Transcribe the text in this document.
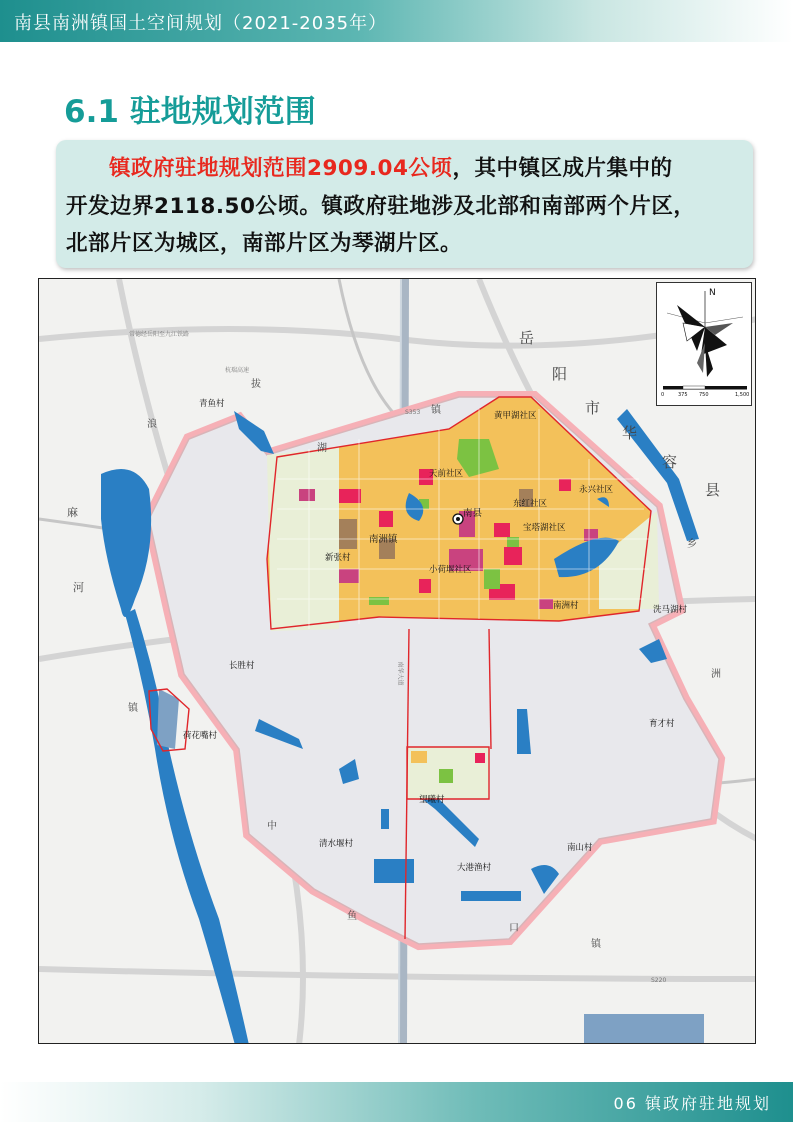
南县南洲镇国土空间规划（2021-2035年）
6.1 驻地规划范围
镇政府驻地规划范围2909.04公顷，其中镇区成片集中的
开发边界2118.50公顷。镇政府驻地涉及北部和南部两个片区，
北部片区为城区，南部片区为琴湖片区。
N
0	375 750	1,500
岳
阳
市
华
容
县
麻
河
浪
拔
湖
镇
镇
中
鱼
口
镇
乡
洲
青鱼村
黄甲湖社区
天前社区
南县
东红社区
永兴社区
宝塔湖社区
南洲镇
新张村
小荷堰社区
南洲村	洗马湖村
长胜村
荷花嘴村
育才村
望曦村
清水堰村	南山村
大港渔村
常德经岳阳至九江铁路
杭瑞高速
S353
S220
南华大道
06 镇政府驻地规划
